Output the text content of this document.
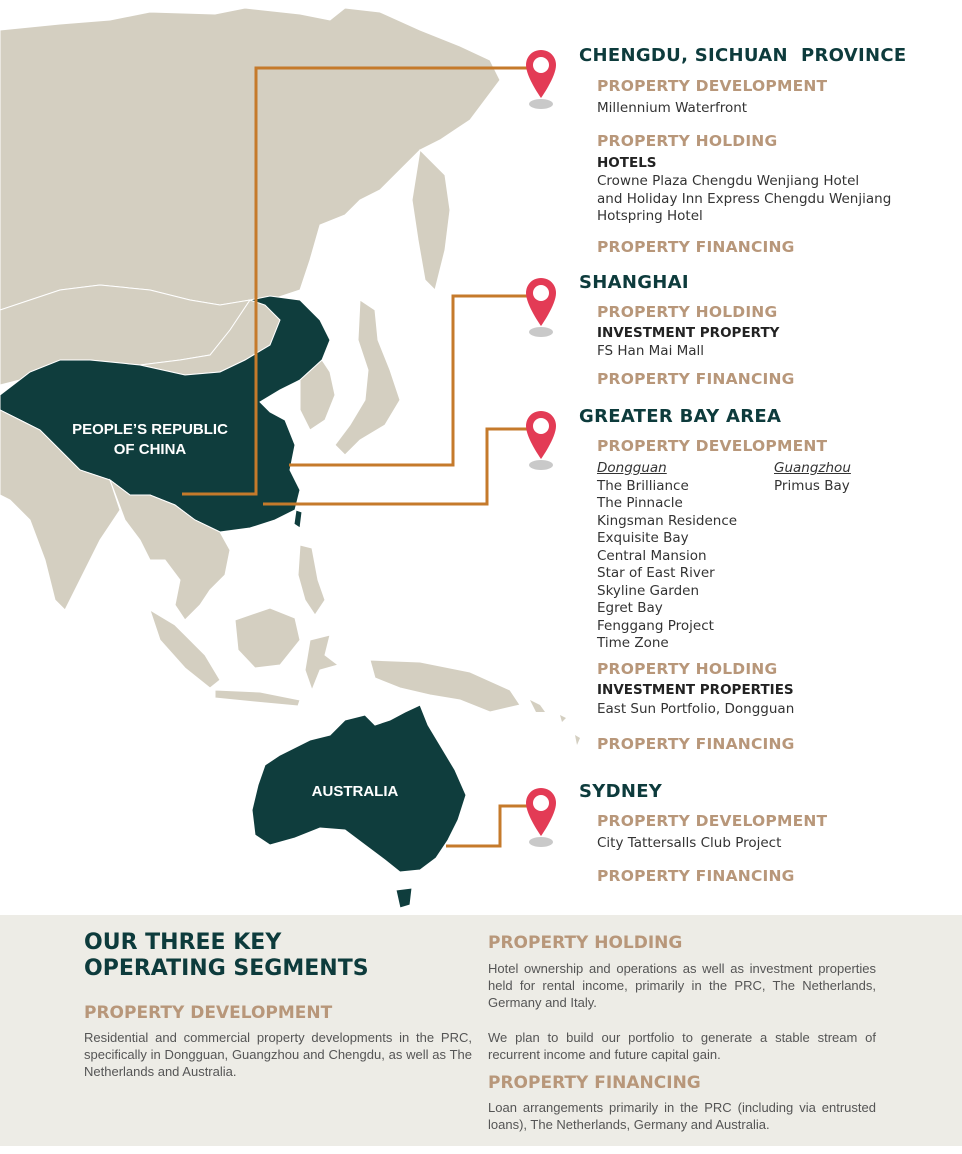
PEOPLE’S REPUBLIC
OF CHINA
AUSTRALIA
CHENGDU, SICHUAN  PROVINCE
PROPERTY DEVELOPMENT
Millennium Waterfront
PROPERTY HOLDING
HOTELS
Crowne Plaza Chengdu Wenjiang Hotel
and Holiday Inn Express Chengdu Wenjiang
Hotspring Hotel
PROPERTY FINANCING
SHANGHAI
PROPERTY HOLDING
INVESTMENT PROPERTY
FS Han Mai Mall
PROPERTY FINANCING
GREATER BAY AREA
PROPERTY DEVELOPMENT
Dongguan
The Brilliance
The Pinnacle
Kingsman Residence
Exquisite Bay
Central Mansion
Star of East River
Skyline Garden
Egret Bay
Fenggang Project
Time Zone
Guangzhou
Primus Bay
PROPERTY HOLDING
INVESTMENT PROPERTIES
East Sun Portfolio, Dongguan
PROPERTY FINANCING
SYDNEY
PROPERTY DEVELOPMENT
City Tattersalls Club Project
PROPERTY FINANCING
OUR THREE KEY
OPERATING SEGMENTS
PROPERTY DEVELOPMENT
Residential and commercial property developments in the PRC, specifically in Dongguan, Guangzhou and Chengdu, as well as The Netherlands and Australia.
PROPERTY HOLDING
Hotel ownership and operations as well as investment properties held for rental income, primarily in the PRC, The Netherlands, Germany and Italy.
We plan to build our portfolio to generate a stable stream of recurrent income and future capital gain.
PROPERTY FINANCING
Loan arrangements primarily in the PRC (including via entrusted loans), The Netherlands, Germany and Australia.
